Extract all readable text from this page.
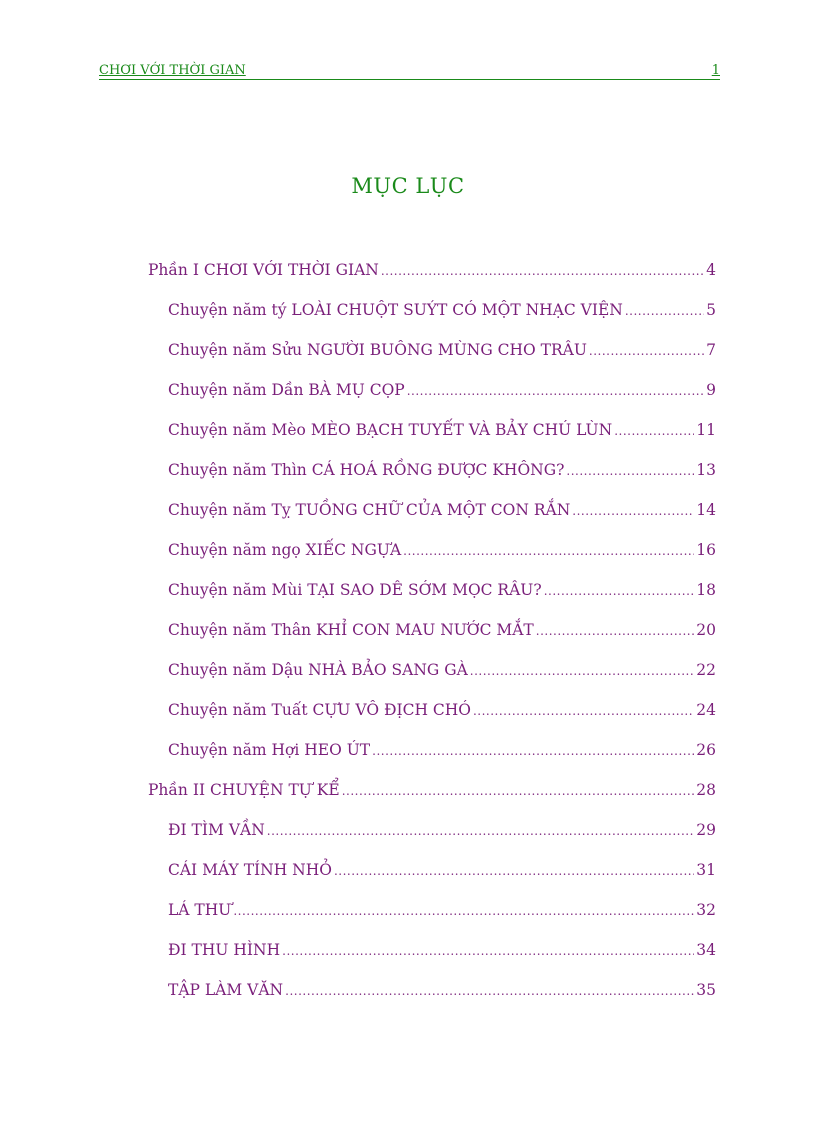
CHƠI VỚI THỜI GIAN	1
MỤC LỤC
Phần I CHƠI VỚI THỜI GIAN .....	4
Chuyện năm tý LOÀI CHUỘT SUÝT CÓ MỘT NHẠC VIỆN .....	5
Chuyện năm Sửu NGƯỜI BUÔNG MÙNG CHO TRÂU .....	7
Chuyện năm Dần BÀ MỤ CỌP .....	9
Chuyện năm Mèo MÈO BẠCH TUYẾT VÀ BẢY CHÚ LÙN .....	11
Chuyện năm Thìn CÁ HOÁ RỒNG ĐƯỢC KHÔNG? .....	13
Chuyện năm Tỵ TUỒNG CHỮ CỦA MỘT CON RẮN .....	14
Chuyện năm ngọ XIẾC NGỰA .....	16
Chuyện năm Mùi TẠI SAO DÊ SỚM MỌC RÂU? .....	18
Chuyện năm Thân KHỈ CON MAU NƯỚC MẮT .....	20
Chuyện năm Dậu NHÀ BẢO SANG GÀ .....	22
Chuyện năm Tuất CỰU VÔ ĐỊCH CHÓ .....	24
Chuyện năm Hợi HEO ÚT .....	26
Phần II CHUYỆN TỰ KỂ .....	28
ĐI TÌM VẦN .....	29
CÁI MÁY TÍNH NHỎ .....	31
LÁ THƯ .....	32
ĐI THU HÌNH .....	34
TẬP LÀM VĂN .....	35
